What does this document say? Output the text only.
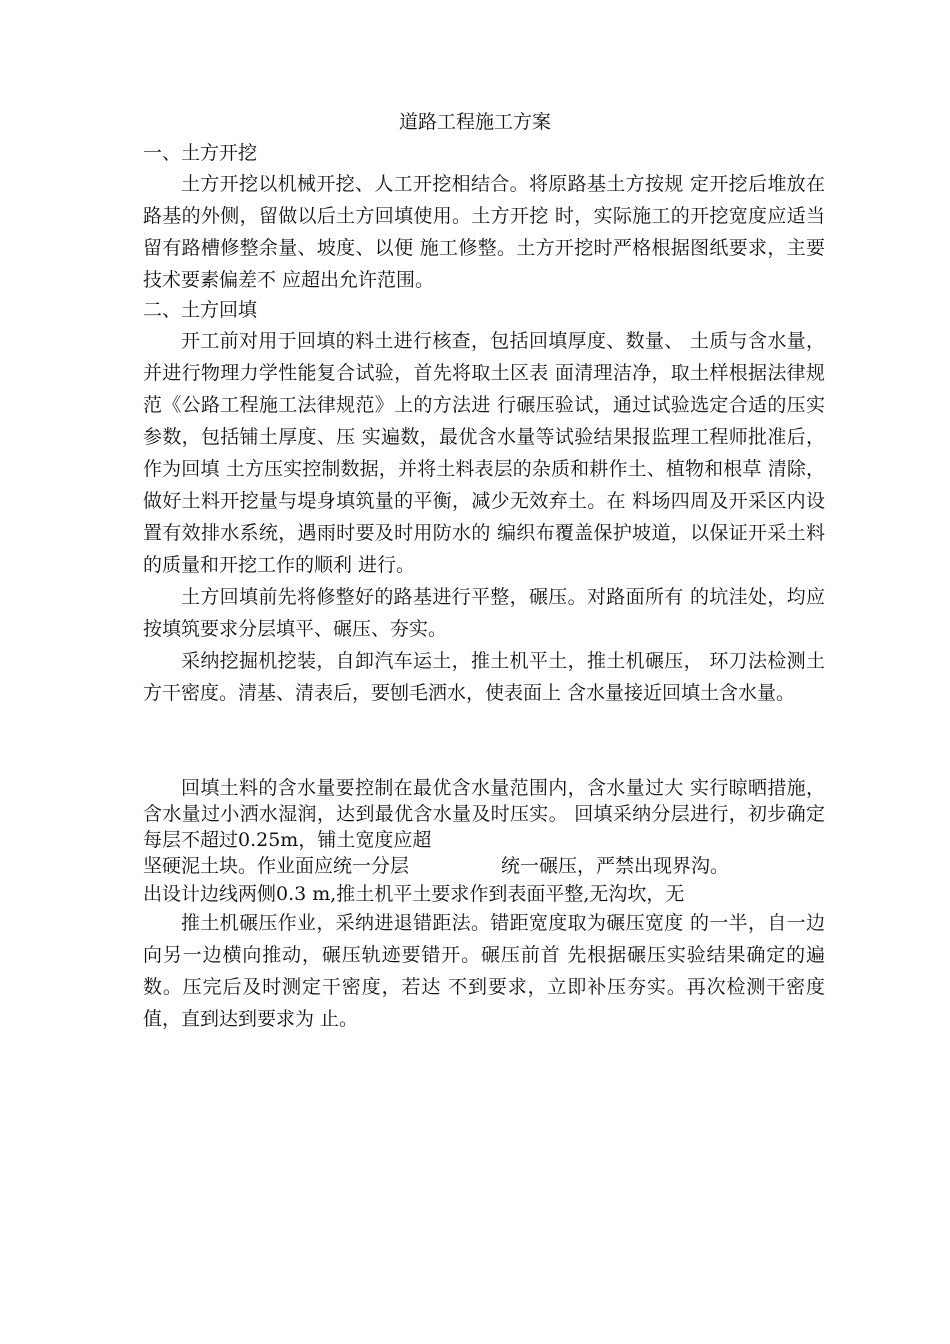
道路工程施工方案

一、土方开挖

土方开挖以机械开挖、人工开挖相结合。将原路基土方按规 定开挖后堆放在路基的外侧，留做以后土方回填使用。土方开挖 时，实际施工的开挖宽度应适当留有路槽修整余量、坡度、以便 施工修整。土方开挖时严格根据图纸要求，主要技术要素偏差不 应超出允许范围。

二、土方回填

开工前对用于回填的料土进行核查，包括回填厚度、数量、 土质与含水量，并进行物理力学性能复合试验，首先将取土区表 面清理洁净，取土样根据法律规范《公路工程施工法律规范》上的方法进 行碾压验试，通过试验选定合适的压实参数，包括铺土厚度、压 实遍数，最优含水量等试验结果报监理工程师批准后，作为回填 土方压实控制数据，并将土料表层的杂质和耕作土、植物和根草 清除，做好土料开挖量与堤身填筑量的平衡，减少无效弃土。在 料场四周及开采区内设置有效排水系统，遇雨时要及时用防水的 编织布覆盖保护坡道，以保证开采土料的质量和开挖工作的顺利 进行。

土方回填前先将修整好的路基进行平整，碾压。对路面所有 的坑洼处，均应按填筑要求分层填平、碾压、夯实。

采纳挖掘机挖装，自卸汽车运土，推土机平土，推土机碾压， 环刀法检测土方干密度。清基、清表后，要刨毛洒水，使表面上 含水量接近回填土含水量。

回填土料的含水量要控制在最优含水量范围内，含水量过大 实行晾晒措施，含水量过小洒水湿润，达到最优含水量及时压实。 回填采纳分层进行，初步确定每层不超过0.25m，铺土宽度应超

坚硬泥土块。作业面应统一分层	统一碾压，严禁出现界沟。

出设计边线两侧0.3 m,推土机平土要求作到表面平整,无沟坎，无

推土机碾压作业，采纳进退错距法。错距宽度取为碾压宽度 的一半，自一边向另一边横向推动，碾压轨迹要错开。碾压前首 先根据碾压实验结果确定的遍数。压完后及时测定干密度，若达 不到要求，立即补压夯实。再次检测干密度值，直到达到要求为 止。
